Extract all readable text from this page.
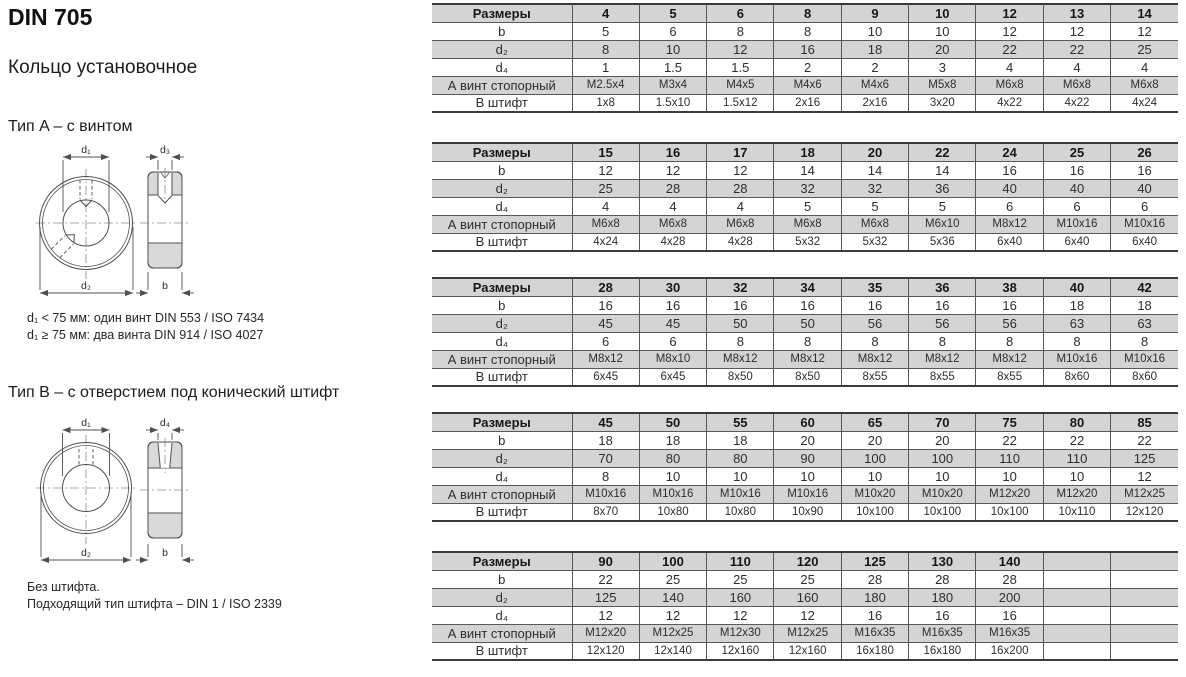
DIN 705
Кольцо установочное
Тип A – с винтом
d₁
d₂
d₃
b
d₁ < 75 мм: один винт DIN 553 / ISO 7434
d₁ ≥ 75 мм: два винта DIN 914 / ISO 4027
Тип B – с отверстием под конический штифт
d₁
d₂
d₄
b
Без штифта.
Подходящий тип штифта – DIN 1 / ISO 2339
Размеры	4	5	6	8	9	10	12	13	14
b	5	6	8	8	10	10	12	12	12
d₂	8	10	12	16	18	20	22	22	25
d₄	1	1.5	1.5	2	2	3	4	4	4
А винт стопорный	M2.5x4	M3x4	M4x5	M4x6	M4x6	M5x8	M6x8	M6x8	M6x8
В штифт	1x8	1.5x10	1.5x12	2x16	2x16	3x20	4x22	4x22	4x24
Размеры	15	16	17	18	20	22	24	25	26
b	12	12	12	14	14	14	16	16	16
d₂	25	28	28	32	32	36	40	40	40
d₄	4	4	4	5	5	5	6	6	6
А винт стопорный	M6x8	M6x8	M6x8	M6x8	M6x8	M6x10	M8x12	M10x16	M10x16
В штифт	4x24	4x28	4x28	5x32	5x32	5x36	6x40	6x40	6x40
Размеры	28	30	32	34	35	36	38	40	42
b	16	16	16	16	16	16	16	18	18
d₂	45	45	50	50	56	56	56	63	63
d₄	6	6	8	8	8	8	8	8	8
А винт стопорный	M8x12	M8x10	M8x12	M8x12	M8x12	M8x12	M8x12	M10x16	M10x16
В штифт	6x45	6x45	8x50	8x50	8x55	8x55	8x55	8x60	8x60
Размеры	45	50	55	60	65	70	75	80	85
b	18	18	18	20	20	20	22	22	22
d₂	70	80	80	90	100	100	110	110	125
d₄	8	10	10	10	10	10	10	10	12
А винт стопорный	M10x16	M10x16	M10x16	M10x16	M10x20	M10x20	M12x20	M12x20	M12x25
В штифт	8x70	10x80	10x80	10x90	10x100	10x100	10x100	10x110	12x120
Размеры	90	100	110	120	125	130	140		
b	22	25	25	25	28	28	28		
d₂	125	140	160	160	180	180	200		
d₄	12	12	12	12	16	16	16		
А винт стопорный	M12x20	M12x25	M12x30	M12x25	M16x35	M16x35	M16x35		
В штифт	12x120	12x140	12x160	12x160	16x180	16x180	16x200		
